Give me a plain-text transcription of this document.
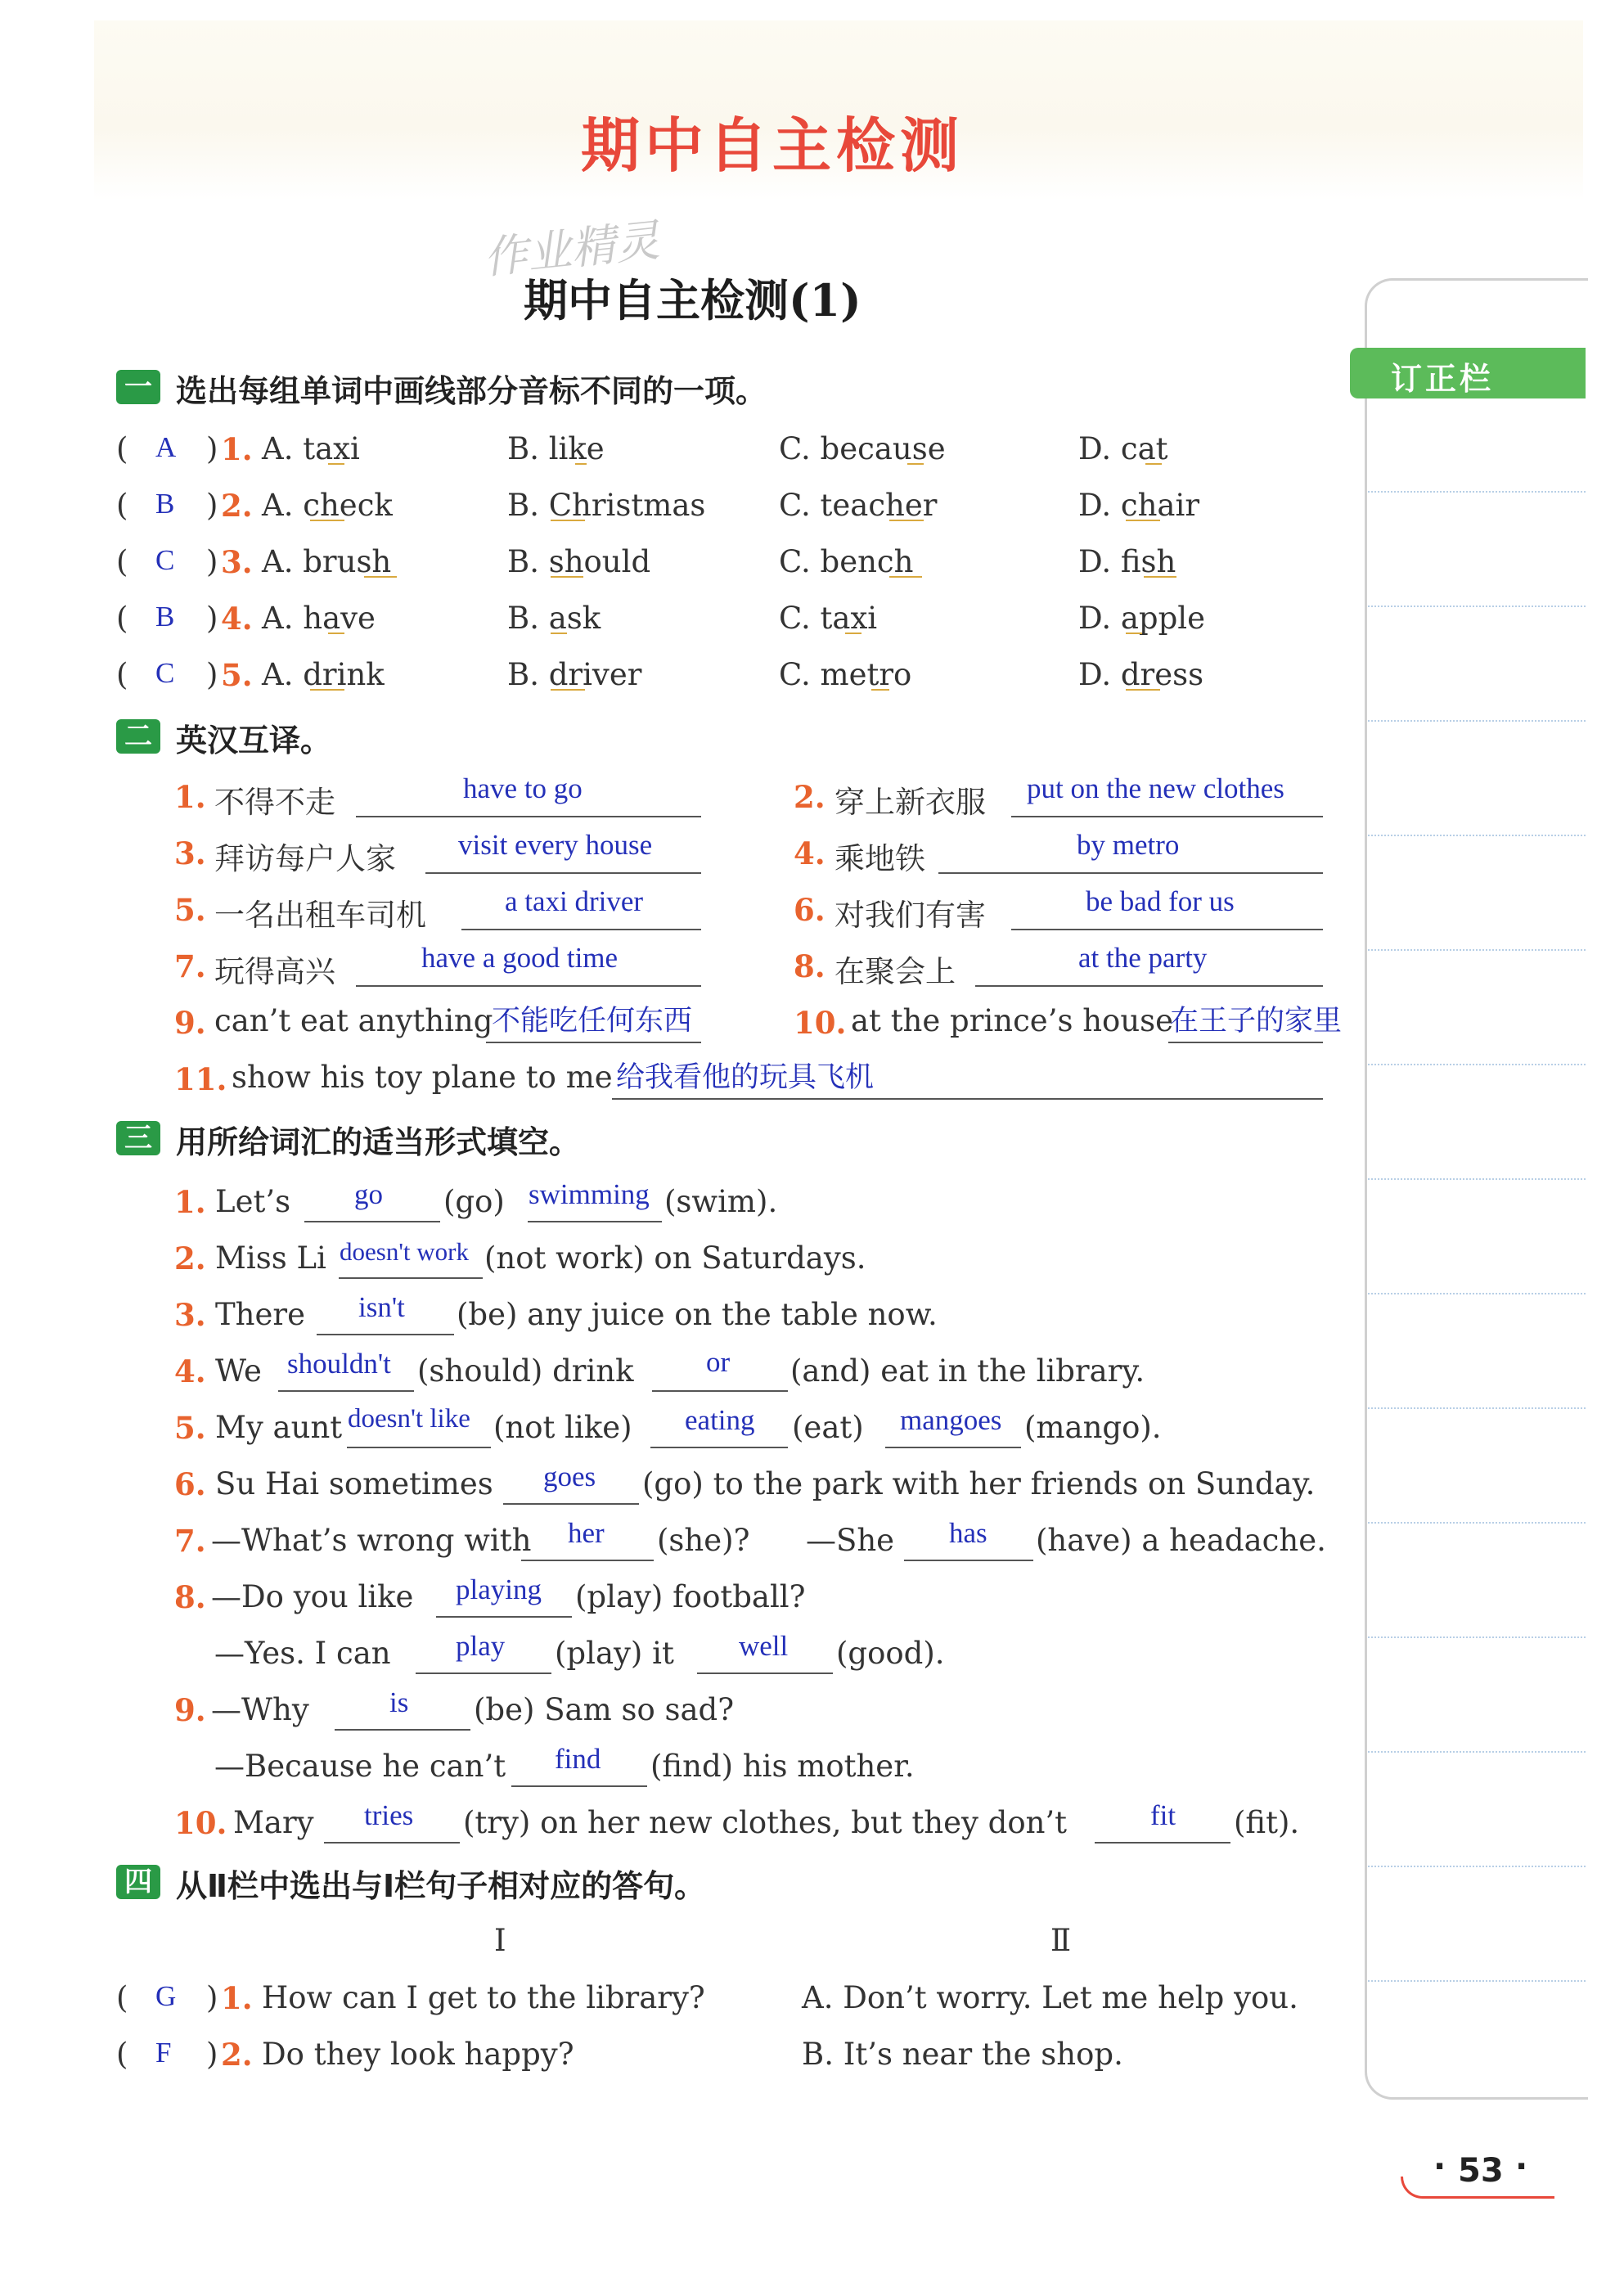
期中自主检测
作业精灵
期中自主检测(1)
订正栏
一 选出每组单词中画线部分音标不同的一项。
( A ) 1. A. taxi	B. like	C. because	D. cat
( B ) 2. A. check	B. Christmas C. teacher	D. chair
( C ) 3. A. brush	B. should	C. bench	D. fish
( B ) 4. A. have	B. ask	C. taxi	D. apple
( C ) 5. A. drink	B. driver	C. metro	D. dress
二 英汉互译。
1. 不得不走	have to go	2. 穿上新衣服 put on the new clothes
3. 拜访每户人家 visit every house	4. 乘地铁	by metro
5. 一名出租车司机	a taxi driver	6. 对我们有害	be bad for us
7. 玩得高兴	have a good time	8. 在聚会上	at the party
9. can’t eat anything
不能吃任何东西	10. at the prince’s house
在王子的家里
11. show his toy plane to me 给我看他的玩具飞机
三 用所给词汇的适当形式填空。
1. Let’s go (go) swimming (swim).
2. Miss Li doesn't work (not work) on Saturdays.
3. There isn't (be) any juice on the table now.
4. We shouldn't (should) drink	or (and) eat in the library.
5. My aunt doesn't like (not like) eating (eat) mangoes (mango).
6. Su Hai sometimes goes (go) to the park with her friends on Sunday.
7. —What’s wrong with her (she)? —She has (have) a headache.
8. —Do you like playing (play) football?
—Yes. I can play (play) it well (good).
9. —Why	is (be) Sam so sad?
—Because he can’t find (find) his mother.
10. Mary tries (try) on her new clothes, but they don’t	fit (fit).
四 从Ⅱ栏中选出与Ⅰ栏句子相对应的答句。
Ⅰ	Ⅱ
( G ) 1. How can I get to the library?	A. Don’t worry. Let me help you.
( F ) 2. Do they look happy?	B. It’s near the shop.
· 53 ·
